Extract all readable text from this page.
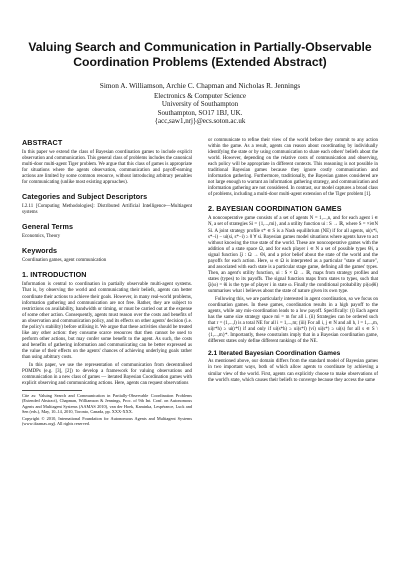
Valuing Search and Communication in Partially-Observable Coordination Problems (Extended Abstract)
Simon A. Williamson, Archie C. Chapman and Nicholas R. Jennings
Electronics & Computer Science
University of Southampton
Southampton, SO17 1BJ, UK.
{acc,saw1,nrj}@ecs.soton.ac.uk
ABSTRACT

In this paper we extend the class of Bayesian coordination games to include explicit observation and communication. This general class of problems includes the canonical multi-door multi-agent Tiger problem. We argue that this class of games is appropriate for situations where the agents observation, communication and payoff-earning actions are limited by some common resource, without introducing arbitrary penalties for communicating (unlike most existing approaches).

Categories and Subject Descriptors

I.2.11 [Computing Methodologies]: Distributed Artificial Intelligence—Multiagent systems

General Terms

Economics, Theory

Keywords

Coordination games, agent communication

1. INTRODUCTION

Information is central to coordination in partially observable multi-agent systems. That is, by observing the world and communicating their beliefs, agents can better coordinate their actions to achieve their goals. However, in many real-world problems, information gathering and communication are not free. Rather, they are subject to restrictions on availability, bandwidth or timing, or must be carried out at the expense of some other action. Consequently, agents must reason over the costs and benefits of an observation and communication policy, and its effects on other agents' decision (i.e. the policy's stability) before utilising it. We argue that these activities should be treated like any other action: they consume scarce resources that then cannot be used to perform other actions, but may confer some benefit to the agent. As such, the costs and benefits of gathering information and communicating can be better expressed as the value of their effects on the agents' chances of achieving underlying goals rather than using arbitrary costs.

In this paper, we use the representation of communication from decentralised POMDPs (e.g. [3], [2]) to develop a framework for valuing observations and communication in a new class of games — iterated Bayesian Coordination games with explicit observing and communicating actions. Here, agents can request observations

Cite as: Valuing Search and Communication in Partially-Observable Coordination Problems (Extended Abstract), Chapman, Williamson & Jennings, Proc. of 9th Int. Conf. on Autonomous Agents and Multiagent Systems (AAMAS 2010), van der Hoek, Kaminka, Lespérance, Luck and Sen (eds.), May, 10–14, 2010, Toronto, Canada, pp. XXX-XXX.

Copyright © 2010, International Foundation for Autonomous Agents and Multiagent Systems (www.ifaamas.org). All rights reserved.

or communicate to refine their view of the world before they commit to any action within the game. As a result, agents can reason about coordinating by individually identifying the state or by using communication to share each others' beliefs about the world. However, depending on the relative costs of communication and observing, each policy will be appropriate in different contexts. This reasoning is not possible in traditional Bayesian games because they ignore costly communication and information gathering. Furthermore, traditionally, the Bayesian games considered are not large enough to warrant an information gathering strategy, and communication and information gathering are not considered. In contrast, our model captures a broad class of problems, including a multi-door multi-agent extension of the Tiger problem [1].

2. BAYESIAN COORDINATION GAMES

A noncooperative game consists of a set of agents N = 1,...,n, and for each agent i ∈ N, a set of strategies Si = {1,...,mi}, and a utility function ui : S → ℝ, where S = ×i∈N Si. A joint strategy profile s* ∈ S is a Nash equilibrium (NE) if for all agents, ui(s*i, s*−i) − ui(si, s*−i) ≥ 0 ∀ si. Bayesian games model situations where agents have to act without knowing the true state of the world. These are noncooperative games with the addition of a state space Ω, and for each player i ∈ N a set of possible types Θi, a signal function ξi : Ω → Θi, and a prior belief about the state of the world and the payoffs for each action. Here, ω ∈ Ω is interpreted as a particular "state of nature", and associated with each state is a particular stage game, defining all the games' types. Then, an agent's utility function, ui : S × Ω → ℝ, maps from strategy profiles and states (types) to its payoffs. The signal function maps from states to types, such that ξi(ω) = θi is the type of player i in state ω. Finally the conditional probability pi(ω|θi) summarises what i believes about the state of nature given its own type.

Following this, we are particularly interested in agent coordination, so we focus on coordination games. In these games, coordination results in a high payoff to the agents, while any mis-coordination leads to a low payoff. Specifically: (i) Each agent has the same size strategy space mi = m for all i. (ii) Strategies can be ordered such that r = (1,...,l) is a total NE for all i = 1,...,m; (iii) For all i, j ∈ N and all h, l = 1,...,m, ui(r*h) ≥ ui(r*l) if and only if ui(s*h) ≥ ui(s*l) (vi) ui(s*) ≥ ui(s) for all s ∈ S \ {1,...,m}*. Importantly, these constraints imply that in a Bayesian coordination game, different states only define different rankings of the NE.

2.1 Iterated Bayesian Coordination Games

As mentioned above, our domain differs from the standard model of Bayesian games in two important ways, both of which allow agents to coordinate by achieving a similar view of the world. First, agents can explicitly choose to make observations of the world's state, which causes their beliefs to converge because they access the same
